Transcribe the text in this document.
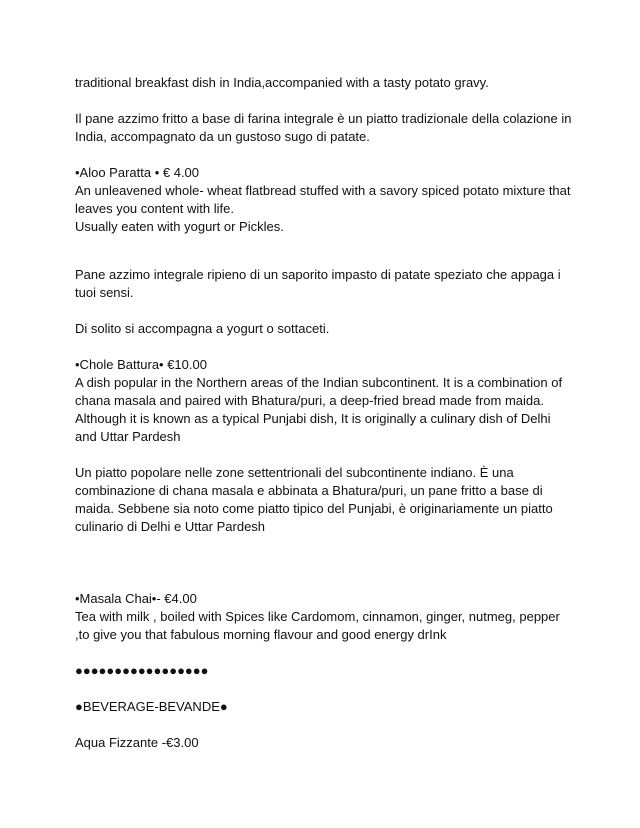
traditional breakfast dish in India,accompanied with a tasty potato gravy.

Il pane azzimo fritto a base di farina integrale è un piatto tradizionale della colazione in India, accompagnato da un gustoso sugo di patate.

•Aloo Paratta • € 4.00

An unleavened whole- wheat flatbread stuffed with a savory spiced potato mixture that leaves you content with life.

Usually eaten with yogurt or Pickles.

Pane azzimo integrale ripieno di un saporito impasto di patate speziato che appaga i tuoi sensi.

Di solito si accompagna a yogurt o sottaceti.

•Chole Battura• €10.00

A dish popular in the Northern areas of the Indian subcontinent. It is a combination of chana masala and paired with Bhatura/puri, a deep-fried bread made from maida. Although it is known as a typical Punjabi dish, It is originally a culinary dish of Delhi and Uttar Pardesh

Un piatto popolare nelle zone settentrionali del subcontinente indiano. È una combinazione di chana masala e abbinata a Bhatura/puri, un pane fritto a base di maida. Sebbene sia noto come piatto tipico del Punjabi, è originariamente un piatto culinario di Delhi e Uttar Pardesh

•Masala Chai•- €4.00

Tea with milk , boiled with Spices like Cardomom, cinnamon, ginger, nutmeg, pepper ,to give you that fabulous morning flavour and good energy drInk

●●●●●●●●●●●●●●●●●

●BEVERAGE-BEVANDE●

Aqua Fizzante -€3.00
